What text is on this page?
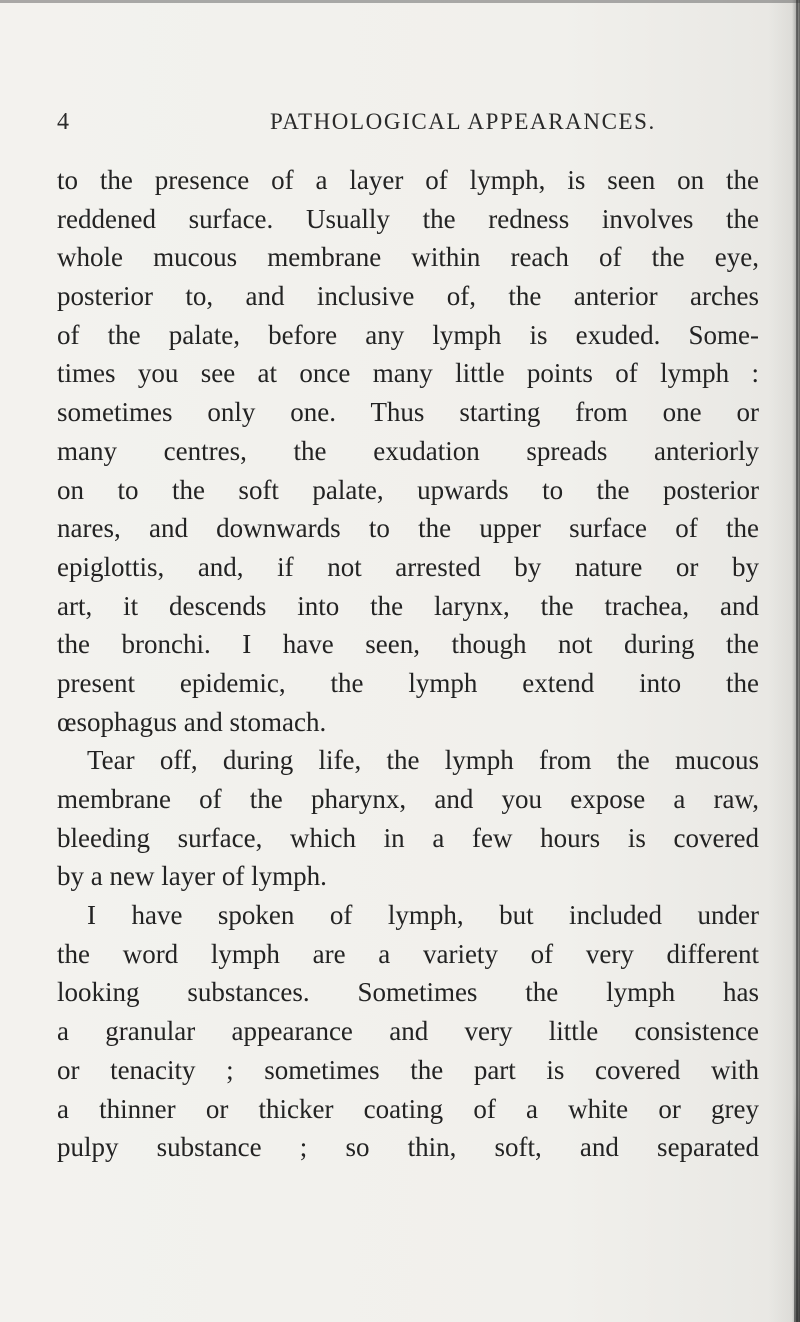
4	PATHOLOGICAL APPEARANCES.
to the presence of a layer of lymph, is seen on the
reddened surface. Usually the redness involves the
whole mucous membrane within reach of the eye,
posterior to, and inclusive of, the anterior arches
of the palate, before any lymph is exuded. Some-
times you see at once many little points of lymph :
sometimes only one. Thus starting from one or
many centres, the exudation spreads anteriorly
on to the soft palate, upwards to the posterior
nares, and downwards to the upper surface of the
epiglottis, and, if not arrested by nature or by
art, it descends into the larynx, the trachea, and
the bronchi. I have seen, though not during the
present epidemic, the lymph extend into the
œsophagus and stomach.
Tear off, during life, the lymph from the mucous
membrane of the pharynx, and you expose a raw,
bleeding surface, which in a few hours is covered
by a new layer of lymph.
I have spoken of lymph, but included under
the word lymph are a variety of very different
looking substances. Sometimes the lymph has
a granular appearance and very little consistence
or tenacity ; sometimes the part is covered with
a thinner or thicker coating of a white or grey
pulpy substance ; so thin, soft, and separated
